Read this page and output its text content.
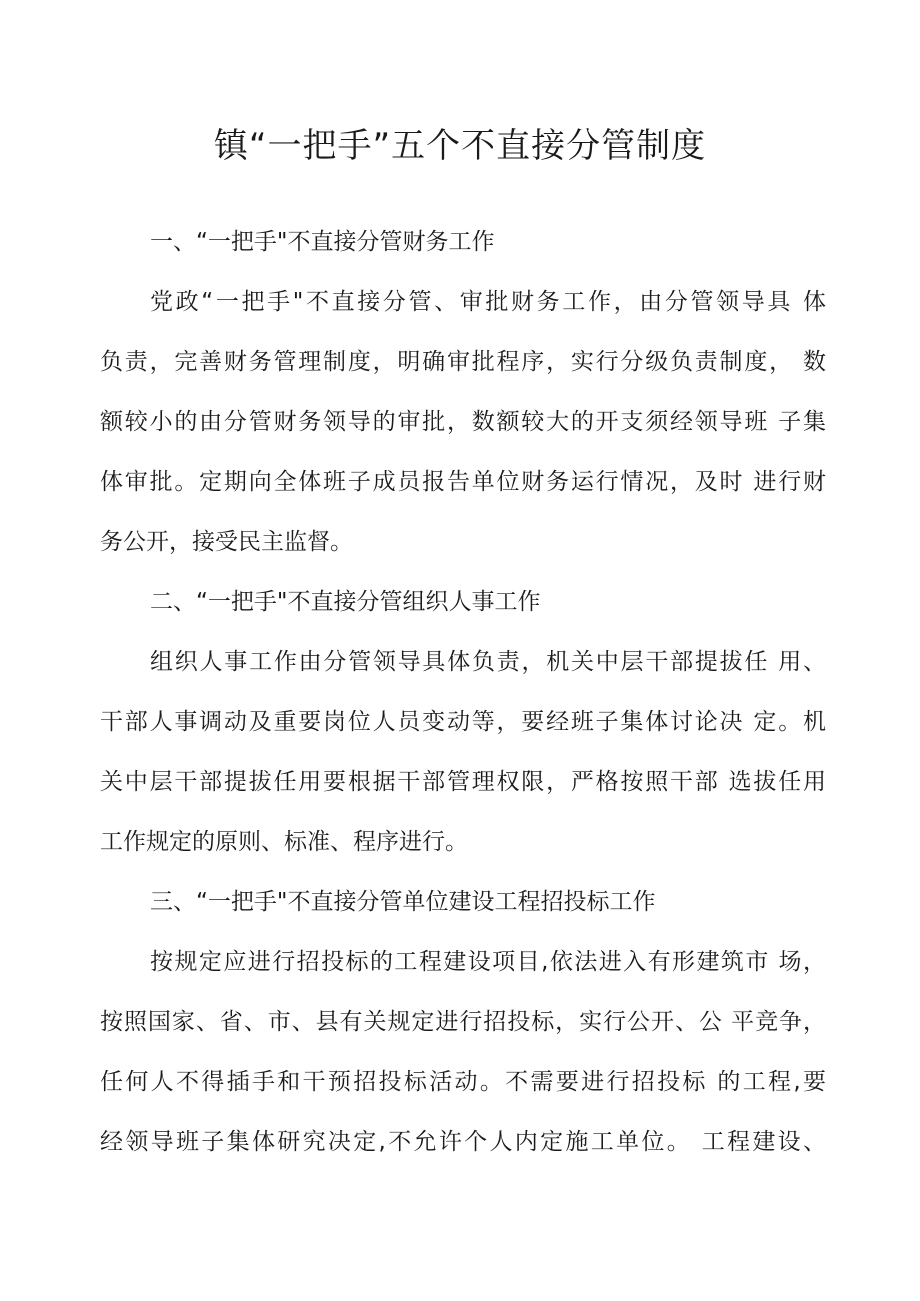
镇“一把手”五个不直接分管制度
一、“一把手"不直接分管财务工作

党政“一把手"不直接分管、审批财务工作，由分管领导具 体

负责，完善财务管理制度，明确审批程序，实行分级负责制度， 数

额较小的由分管财务领导的审批，数额较大的开支须经领导班 子集

体审批。定期向全体班子成员报告单位财务运行情况，及时 进行财

务公开，接受民主监督。

二、“一把手"不直接分管组织人事工作

组织人事工作由分管领导具体负责，机关中层干部提拔任 用、

干部人事调动及重要岗位人员变动等，要经班子集体讨论决 定。机

关中层干部提拔任用要根据干部管理权限，严格按照干部 选拔任用

工作规定的原则、标准、程序进行。

三、“一把手"不直接分管单位建设工程招投标工作

按规定应进行招投标的工程建设项目,依法进入有形建筑市 场，

按照国家、省、市、县有关规定进行招投标，实行公开、公 平竞争，

任何人不得插手和干预招投标活动。不需要进行招投标 的工程,要

经领导班子集体研究决定,不允许个人内定施工单位。 工程建设、
